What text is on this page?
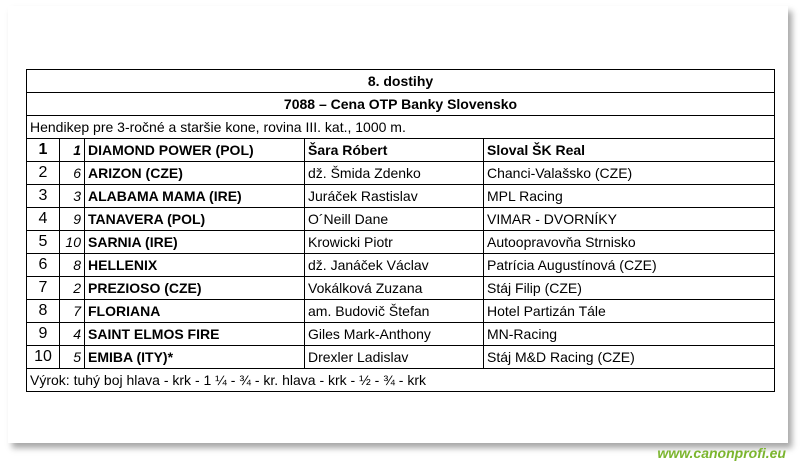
8. dostihy				
7088 – Cena OTP Banky Slovensko				
Hendikep pre 3-ročné a staršie kone, rovina III. kat., 1000 m.				
1	1	DIAMOND POWER (POL)	Šara Róbert	Sloval ŠK Real
2	6	ARIZON (CZE)	dž. Šmida Zdenko	Chanci-Valašsko (CZE)
3	3	ALABAMA MAMA (IRE)	Juráček Rastislav	MPL Racing
4	9	TANAVERA (POL)	O´Neill Dane	VIMAR - DVORNÍKY
5	10	SARNIA (IRE)	Krowicki Piotr	Autoopravovňa Strnisko
6	8	HELLENIX	dž. Janáček Václav	Patrícia Augustínová (CZE)
7	2	PREZIOSO (CZE)	Vokálková Zuzana	Stáj Filip (CZE)
8	7	FLORIANA	am. Budovič Štefan	Hotel Partizán Tále
9	4	SAINT ELMOS FIRE	Giles Mark-Anthony	MN-Racing
10	5	EMIBA (ITY)*	Drexler Ladislav	Stáj M&D Racing (CZE)
Výrok: tuhý boj hlava - krk - 1 ¼ - ¾ - kr. hlava - krk - ½ - ¾ - krk				
www.canonprofi.eu
